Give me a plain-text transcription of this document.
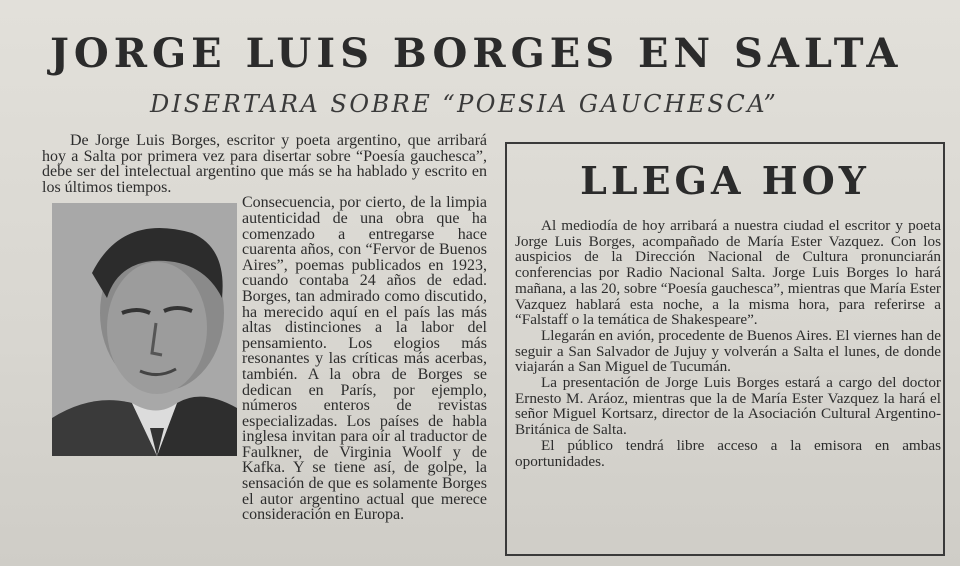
JORGE LUIS BORGES EN SALTA
DISERTARA SOBRE “POESIA GAUCHESCA”

De Jorge Luis Borges, escritor y poeta argentino, que arribará hoy a Salta por primera vez para disertar sobre “Poesía gauchesca”, debe ser del intelectual argentino que más se ha hablado y escrito en los últimos tiempos.

Consecuencia, por cierto, de la limpia autenticidad de una obra que ha comenzado a entregarse hace cuarenta años, con “Fervor de Buenos Aires”, poemas publicados en 1923, cuando contaba 24 años de edad. Borges, tan admirado como discutido, ha merecido aquí en el país las más altas distinciones a la labor del pensamiento. Los elogios más resonantes y las críticas más acerbas, también. A la obra de Borges se dedican en París, por ejemplo, números enteros de revistas especializadas. Los países de habla inglesa invitan para oír al traductor de Faulkner, de Virginia Woolf y de Kafka. Y se tiene así, de golpe, la sensación de que es solamente Borges el autor argentino actual que merece consideración en Europa.

LLEGA HOY

Al mediodía de hoy arribará a nuestra ciudad el escritor y poeta Jorge Luis Borges, acompañado de María Ester Vazquez. Con los auspicios de la Dirección Nacional de Cultura pronunciarán conferencias por Radio Nacional Salta. Jorge Luis Borges lo hará mañana, a las 20, sobre “Poesía gauchesca”, mientras que María Ester Vazquez hablará esta noche, a la misma hora, para referirse a “Falstaff o la temática de Shakespeare”.

Llegarán en avión, procedente de Buenos Aires. El viernes han de seguir a San Salvador de Jujuy y volverán a Salta el lunes, de donde viajarán a San Miguel de Tucumán.

La presentación de Jorge Luis Borges estará a cargo del doctor Ernesto M. Aráoz, mientras que la de María Ester Vazquez la hará el señor Miguel Kortsarz, director de la Asociación Cultural Argentino-Británica de Salta.

El público tendrá libre acceso a la emisora en ambas oportunidades.
